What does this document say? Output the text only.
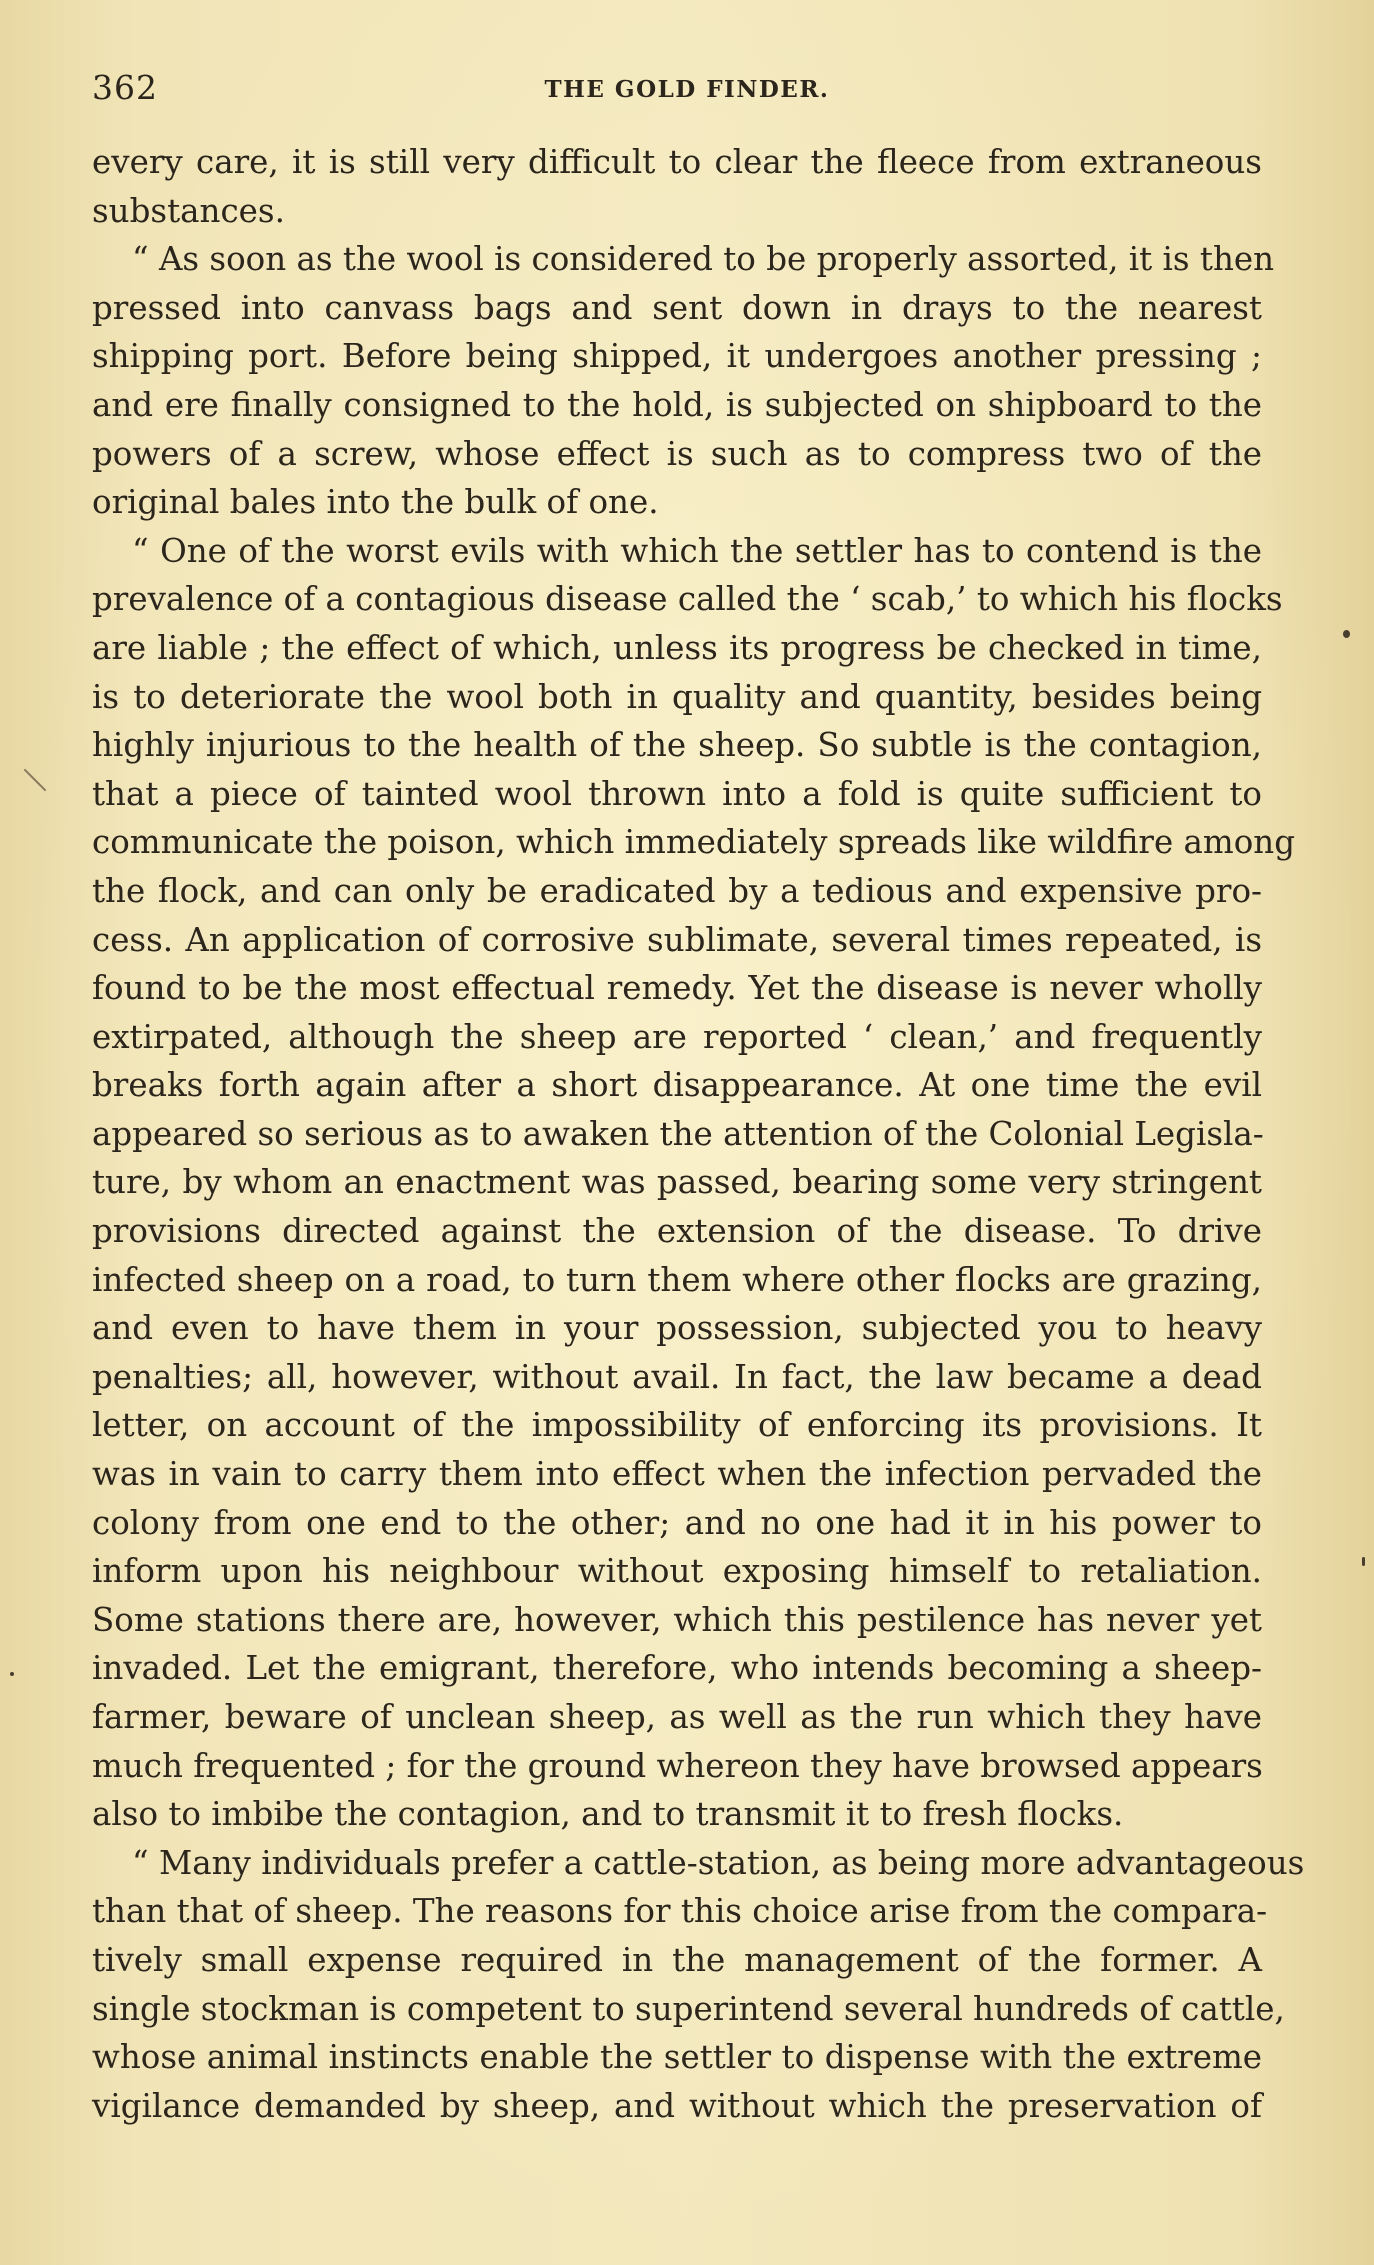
362	THE GOLD FINDER.
every care, it is still very difficult to clear the fleece from extraneous
substances.
“ As soon as the wool is considered to be properly assorted, it is then
pressed into canvass bags and sent down in drays to the nearest
shipping port. Before being shipped, it undergoes another pressing ;
and ere finally consigned to the hold, is subjected on shipboard to the
powers of a screw, whose effect is such as to compress two of the
original bales into the bulk of one.
“ One of the worst evils with which the settler has to contend is the
prevalence of a contagious disease called the ‘ scab,’ to which his flocks
are liable ; the effect of which, unless its progress be checked in time,
is to deteriorate the wool both in quality and quantity, besides being
highly injurious to the health of the sheep. So subtle is the contagion,
that a piece of tainted wool thrown into a fold is quite sufficient to
communicate the poison, which immediately spreads like wildfire among
the flock, and can only be eradicated by a tedious and expensive pro-
cess. An application of corrosive sublimate, several times repeated, is
found to be the most effectual remedy. Yet the disease is never wholly
extirpated, although the sheep are reported ‘ clean,’ and frequently
breaks forth again after a short disappearance. At one time the evil
appeared so serious as to awaken the attention of the Colonial Legisla-
ture, by whom an enactment was passed, bearing some very stringent
provisions directed against the extension of the disease. To drive
infected sheep on a road, to turn them where other flocks are grazing,
and even to have them in your possession, subjected you to heavy
penalties; all, however, without avail. In fact, the law became a dead
letter, on account of the impossibility of enforcing its provisions. It
was in vain to carry them into effect when the infection pervaded the
colony from one end to the other; and no one had it in his power to
inform upon his neighbour without exposing himself to retaliation.
Some stations there are, however, which this pestilence has never yet
invaded. Let the emigrant, therefore, who intends becoming a sheep-
farmer, beware of unclean sheep, as well as the run which they have
much frequented ; for the ground whereon they have browsed appears
also to imbibe the contagion, and to transmit it to fresh flocks.
“ Many individuals prefer a cattle-station, as being more advantageous
than that of sheep. The reasons for this choice arise from the compara-
tively small expense required in the management of the former. A
single stockman is competent to superintend several hundreds of cattle,
whose animal instincts enable the settler to dispense with the extreme
vigilance demanded by sheep, and without which the preservation of
